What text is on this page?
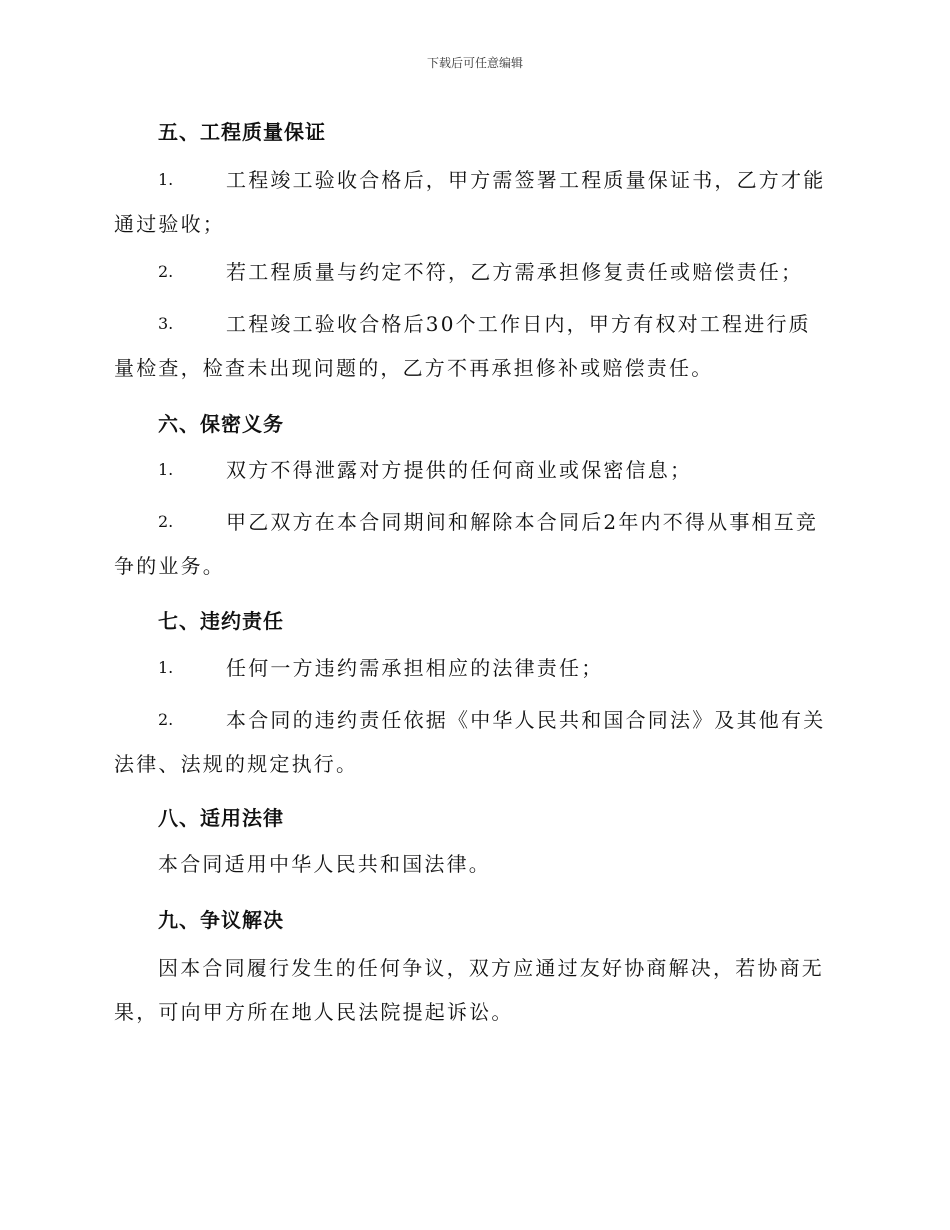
下载后可任意编辑
五、工程质量保证
1.	工程竣工验收合格后，甲方需签署工程质量保证书，乙方才能通过验收；
2.	若工程质量与约定不符，乙方需承担修复责任或赔偿责任；
3.	工程竣工验收合格后30个工作日内，甲方有权对工程进行质量检查，检查未出现问题的，乙方不再承担修补或赔偿责任。
六、保密义务
1.	双方不得泄露对方提供的任何商业或保密信息；
2.	甲乙双方在本合同期间和解除本合同后2年内不得从事相互竞争的业务。
七、违约责任
1.	任何一方违约需承担相应的法律责任；
2.	本合同的违约责任依据《中华人民共和国合同法》及其他有关法律、法规的规定执行。
八、适用法律
本合同适用中华人民共和国法律。
九、争议解决
因本合同履行发生的任何争议，双方应通过友好协商解决，若协商无果，可向甲方所在地人民法院提起诉讼。
